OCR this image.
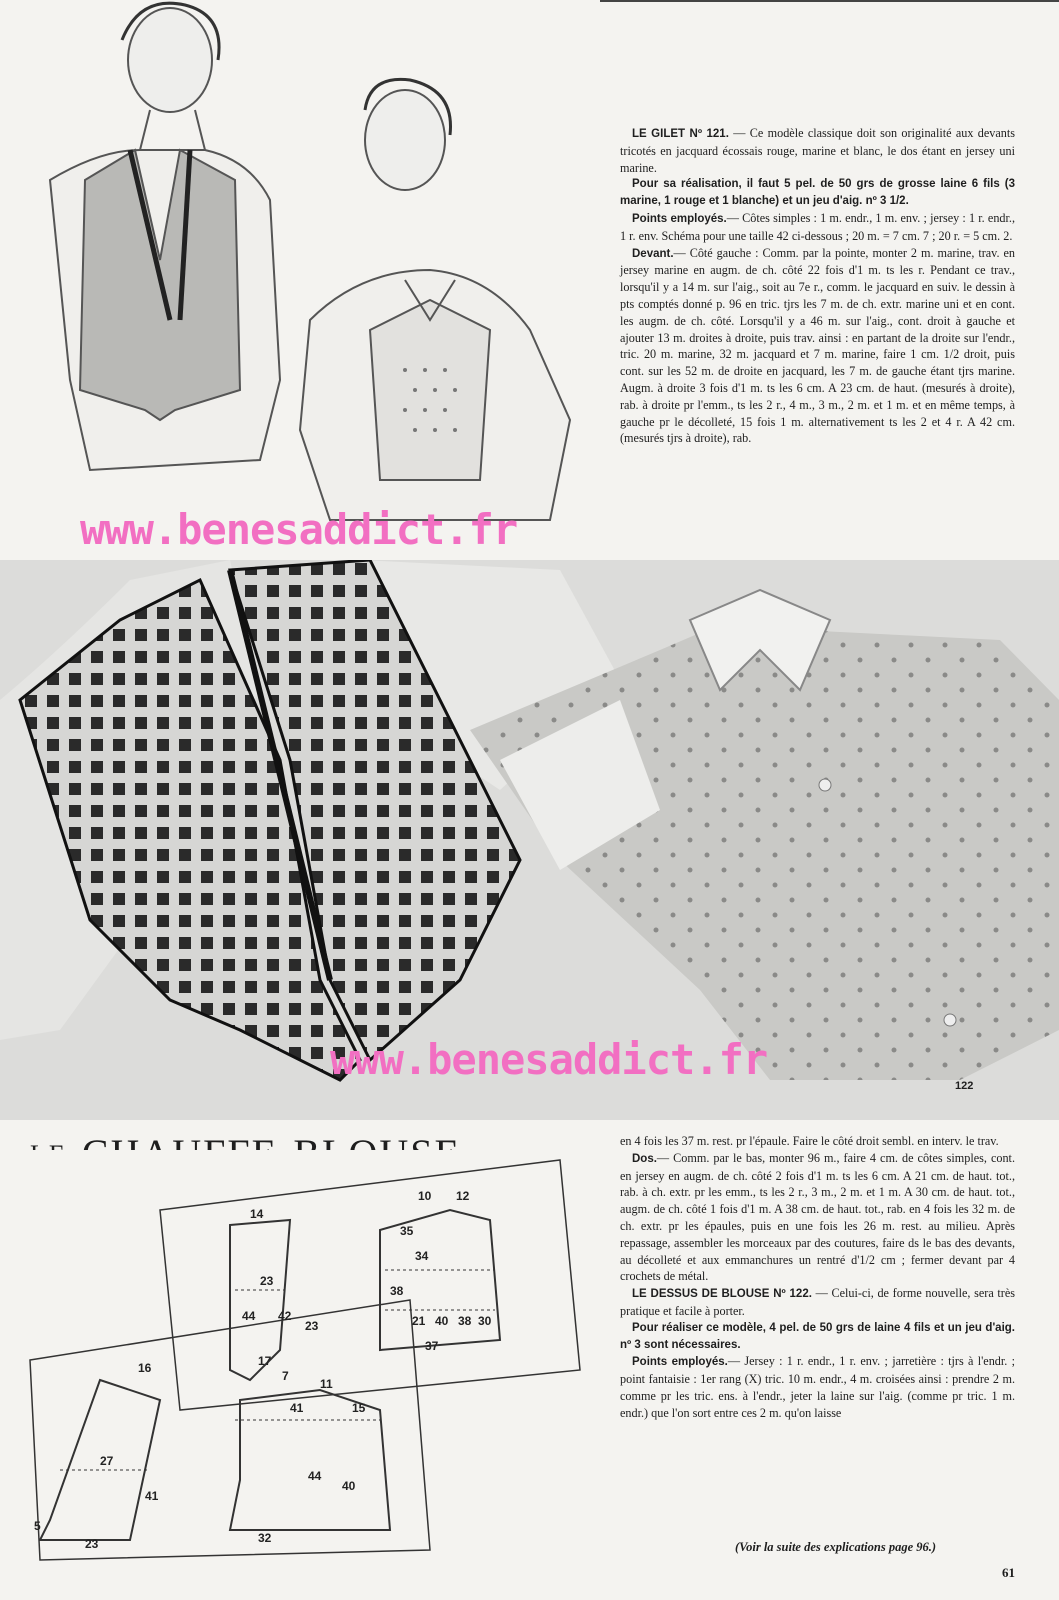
www.benesaddict.fr
www.benesaddict.fr
122

LE GILET Nº 121. — Ce modèle classique doit son originalité aux devants tricotés en jacquard écossais rouge, marine et blanc, le dos étant en jersey uni marine.

Pour sa réalisation, il faut 5 pel. de 50 grs de grosse laine 6 fils (3 marine, 1 rouge et 1 blanche) et un jeu d'aig. nº 3 1/2.

Points employés.— Côtes simples : 1 m. endr., 1 m. env. ; jersey : 1 r. endr., 1 r. env. Schéma pour une taille 42 ci-dessous ; 20 m. = 7 cm. 7 ; 20 r. = 5 cm. 2.

Devant.— Côté gauche : Comm. par la pointe, monter 2 m. marine, trav. en jersey marine en augm. de ch. côté 22 fois d'1 m. ts les r. Pendant ce trav., lorsqu'il y a 14 m. sur l'aig., soit au 7e r., comm. le jacquard en suiv. le dessin à pts comptés donné p. 96 en tric. tjrs les 7 m. de ch. extr. marine uni et en cont. les augm. de ch. côté. Lorsqu'il y a 46 m. sur l'aig., cont. droit à gauche et ajouter 13 m. droites à droite, puis trav. ainsi : en partant de la droite sur l'endr., tric. 20 m. marine, 32 m. jacquard et 7 m. marine, faire 1 cm. 1/2 droit, puis cont. sur les 52 m. de droite en jacquard, les 7 m. de gauche étant tjrs marine. Augm. à droite 3 fois d'1 m. ts les 6 cm. A 23 cm. de haut. (mesurés à droite), rab. à droite pr l'emm., ts les 2 r., 4 m., 3 m., 2 m. et 1 m. et en même temps, à gauche pr le décolleté, 15 fois 1 m. alternativement ts les 2 et 4 r. A 42 cm. (mesurés tjrs à droite), rab.

14
10 12
35
34
23
44 42
23
17
7
38
21 40 38 30
37
16
27
41
5
23
11
41	15
44
40
32

en 4 fois les 37 m. rest. pr l'épaule. Faire le côté droit sembl. en interv. le trav.

Dos.— Comm. par le bas, monter 96 m., faire 4 cm. de côtes simples, cont. en jersey en augm. de ch. côté 2 fois d'1 m. ts les 6 cm. A 21 cm. de haut. tot., rab. à ch. extr. pr les emm., ts les 2 r., 3 m., 2 m. et 1 m. A 30 cm. de haut. tot., augm. de ch. côté 1 fois d'1 m. A 38 cm. de haut. tot., rab. en 4 fois les 32 m. de ch. extr. pr les épaules, puis en une fois les 26 m. rest. au milieu. Après repassage, assembler les morceaux par des coutures, faire ds le bas des devants, au décolleté et aux emmanchures un rentré d'1/2 cm ; fermer devant par 4 crochets de métal.

LE DESSUS DE BLOUSE Nº 122. — Celui-ci, de forme nouvelle, sera très pratique et facile à porter.

Pour réaliser ce modèle, 4 pel. de 50 grs de laine 4 fils et un jeu d'aig. nº 3 sont nécessaires.

Points employés.— Jersey : 1 r. endr., 1 r. env. ; jarretière : tjrs à l'endr. ; point fantaisie : 1er rang (X) tric. 10 m. endr., 4 m. croisées ainsi : prendre 2 m. comme pr les tric. ens. à l'endr., jeter la laine sur l'aig. (comme pr tric. 1 m. endr.) que l'on sort entre ces 2 m. qu'on laisse

(Voir la suite des explications page 96.)
61
